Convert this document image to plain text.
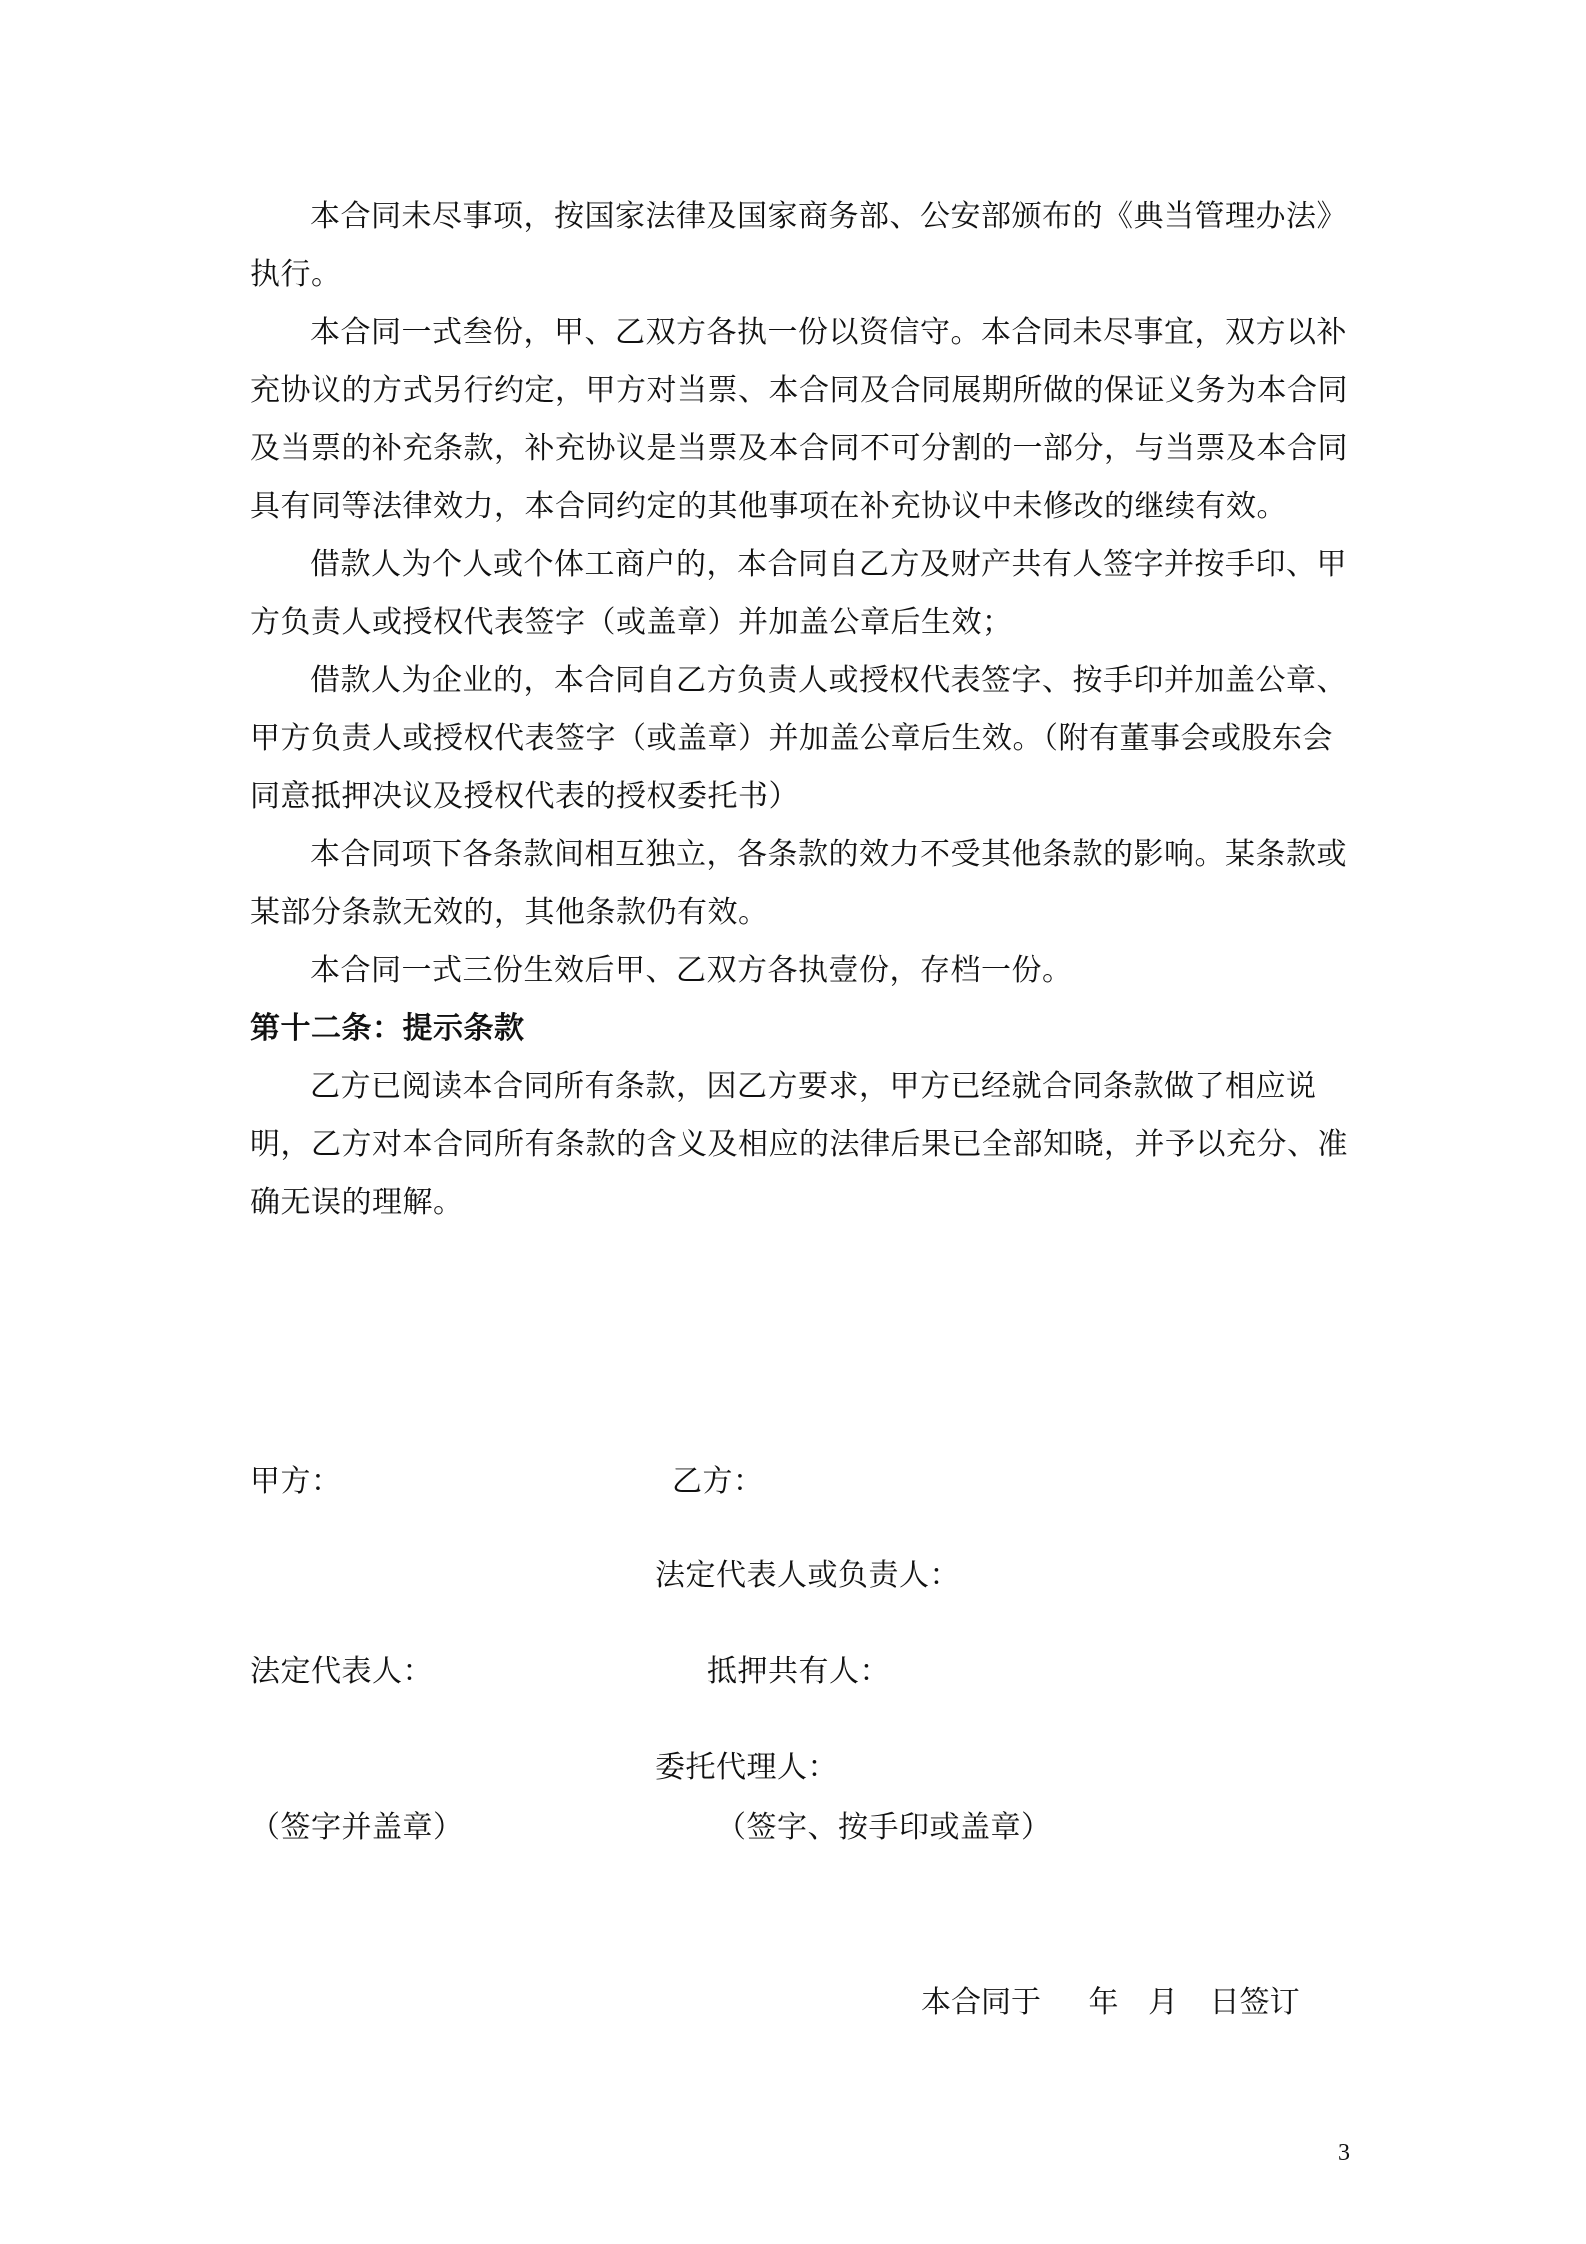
本合同未尽事项，按国家法律及国家商务部、公安部颁布的《典当管理办法》执行。

本合同一式叁份，甲、乙双方各执一份以资信守。本合同未尽事宜，双方以补充协议的方式另行约定，甲方对当票、本合同及合同展期所做的保证义务为本合同及当票的补充条款，补充协议是当票及本合同不可分割的一部分，与当票及本合同具有同等法律效力，本合同约定的其他事项在补充协议中未修改的继续有效。

借款人为个人或个体工商户的，本合同自乙方及财产共有人签字并按手印、甲方负责人或授权代表签字（或盖章）并加盖公章后生效；

借款人为企业的，本合同自乙方负责人或授权代表签字、按手印并加盖公章、甲方负责人或授权代表签字（或盖章）并加盖公章后生效。（附有董事会或股东会同意抵押决议及授权代表的授权委托书）

本合同项下各条款间相互独立，各条款的效力不受其他条款的影响。某条款或某部分条款无效的，其他条款仍有效。

本合同一式三份生效后甲、乙双方各执壹份，存档一份。

第十二条：提示条款

乙方已阅读本合同所有条款，因乙方要求，甲方已经就合同条款做了相应说明，乙方对本合同所有条款的含义及相应的法律后果已全部知晓，并予以充分、准确无误的理解。

甲方：	乙方：
法定代表人或负责人：
法定代表人：	抵押共有人：
委托代理人：
（签字并盖章）	（签字、按手印或盖章）
本合同于 年 月 日签订
3
